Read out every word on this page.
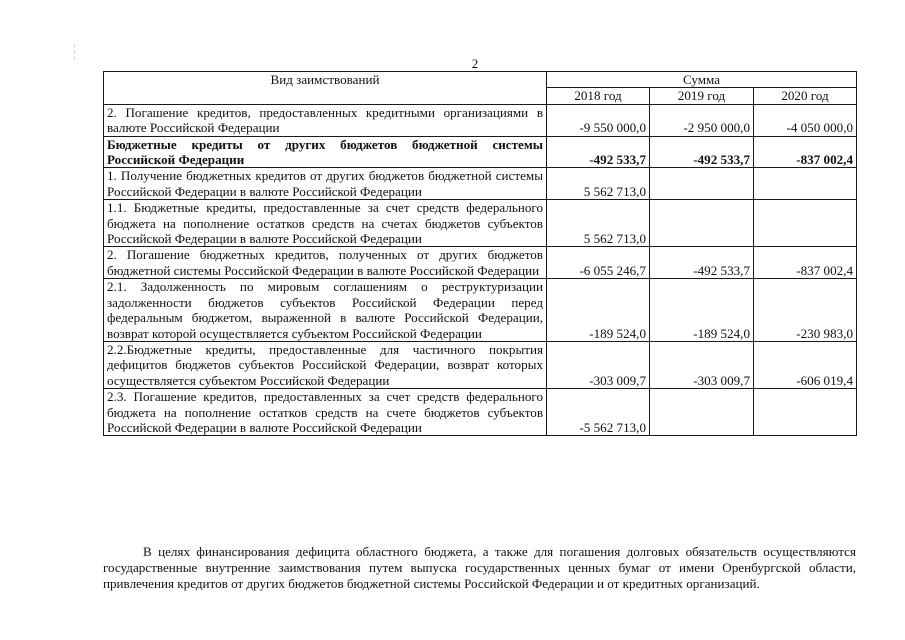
· · ·	2
Вид заимствований	Сумма		
	2018 год	2019 год	2020 год
2. Погашение кредитов, предоставленных кредитными организациями в валюте Российской Федерации	-9 550 000,0	-2 950 000,0	-4 050 000,0
Бюджетные кредиты от других бюджетов бюджетной системы Российской Федерации	-492 533,7	-492 533,7	-837 002,4
1. Получение бюджетных кредитов от других бюджетов бюджетной системы Российской Федерации в валюте Российской Федерации	5 562 713,0		
1.1. Бюджетные кредиты, предоставленные за счет средств федерального бюджета на пополнение остатков средств на счетах бюджетов субъектов Российской Федерации в валюте Российской Федерации	5 562 713,0		
2. Погашение бюджетных кредитов, полученных от других бюджетов бюджетной системы Российской Федерации в валюте Российской Федерации	-6 055 246,7	-492 533,7	-837 002,4
2.1. Задолженность по мировым соглашениям о реструктуризации задолженности бюджетов субъектов Российской Федерации перед федеральным бюджетом, выраженной в валюте Российской Федерации, возврат которой осуществляется субъектом Российской Федерации	-189 524,0	-189 524,0	-230 983,0
2.2.Бюджетные кредиты, предоставленные для частичного покрытия дефицитов бюджетов субъектов Российской Федерации, возврат которых осуществляется субъектом Российской Федерации	-303 009,7	-303 009,7	-606 019,4
2.3. Погашение кредитов, предоставленных за счет средств федерального бюджета на пополнение остатков средств на счете бюджетов субъектов Российской Федерации в валюте Российской Федерации	-5 562 713,0		

В целях финансирования дефицита областного бюджета, а также для погашения долговых обязательств осуществляются государственные внутренние заимствования путем выпуска государственных ценных бумаг от имени Оренбургской области, привлечения кредитов от других бюджетов бюджетной системы Российской Федерации и от кредитных организаций.
